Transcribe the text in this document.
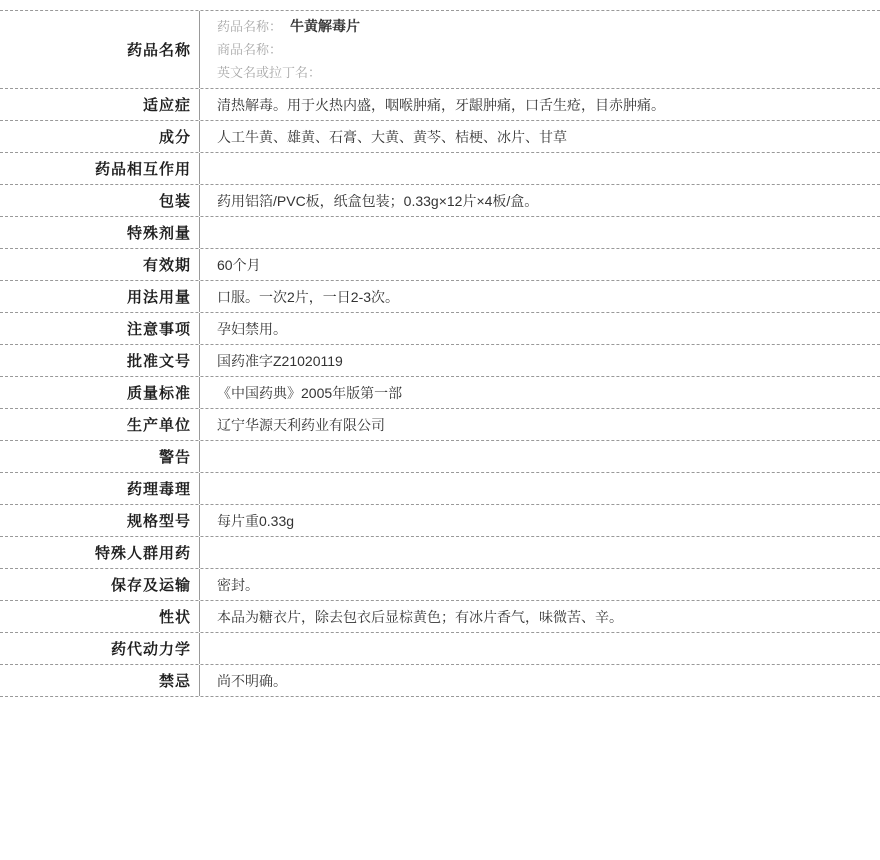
药品名称
药品名称： 牛黄解毒片
商品名称：
英文名或拉丁名：
适应症	清热解毒。用于火热内盛，咽喉肿痛，牙龈肿痛，口舌生疮，目赤肿痛。
成分	人工牛黄、雄黄、石膏、大黄、黄芩、桔梗、冰片、甘草
药品相互作用
包装	药用铝箔/PVC板，纸盒包装；0.33g×12片×4板/盒。
特殊剂量
有效期	60个月
用法用量	口服。一次2片，一日2-3次。
注意事项	孕妇禁用。
批准文号	国药准字Z21020119
质量标准	《中国药典》2005年版第一部
生产单位	辽宁华源天利药业有限公司
警告
药理毒理
规格型号	每片重0.33g
特殊人群用药
保存及运输	密封。
性状	本品为糖衣片，除去包衣后显棕黄色；有冰片香气，味微苦、辛。
药代动力学
禁忌	尚不明确。
